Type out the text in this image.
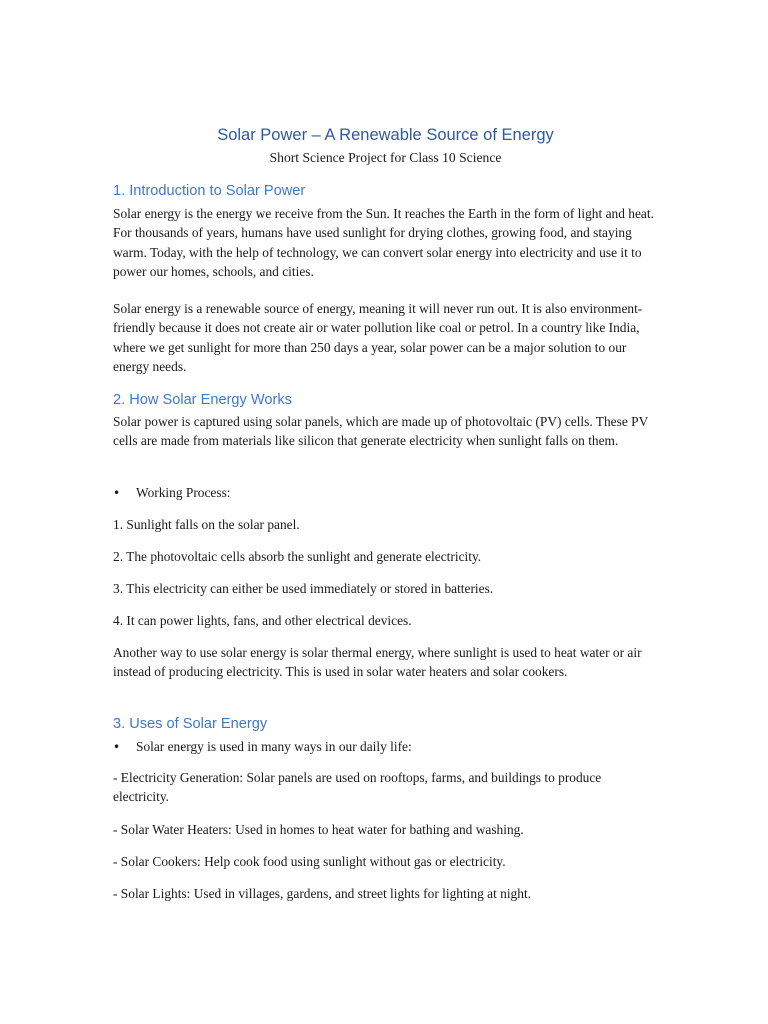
Solar Power – A Renewable Source of Energy
Short Science Project for Class 10 Science
1. Introduction to Solar Power
Solar energy is the energy we receive from the Sun. It reaches the Earth in the form of light and heat. For thousands of years, humans have used sunlight for drying clothes, growing food, and staying warm. Today, with the help of technology, we can convert solar energy into electricity and use it to power our homes, schools, and cities.
Solar energy is a renewable source of energy, meaning it will never run out. It is also environment-friendly because it does not create air or water pollution like coal or petrol. In a country like India, where we get sunlight for more than 250 days a year, solar power can be a major solution to our energy needs.
2. How Solar Energy Works
Solar power is captured using solar panels, which are made up of photovoltaic (PV) cells. These PV cells are made from materials like silicon that generate electricity when sunlight falls on them.
• Working Process:
1. Sunlight falls on the solar panel.
2. The photovoltaic cells absorb the sunlight and generate electricity.
3. This electricity can either be used immediately or stored in batteries.
4. It can power lights, fans, and other electrical devices.
Another way to use solar energy is solar thermal energy, where sunlight is used to heat water or air instead of producing electricity. This is used in solar water heaters and solar cookers.
3. Uses of Solar Energy
• Solar energy is used in many ways in our daily life:
- Electricity Generation: Solar panels are used on rooftops, farms, and buildings to produce electricity.
- Solar Water Heaters: Used in homes to heat water for bathing and washing.
- Solar Cookers: Help cook food using sunlight without gas or electricity.
- Solar Lights: Used in villages, gardens, and street lights for lighting at night.
